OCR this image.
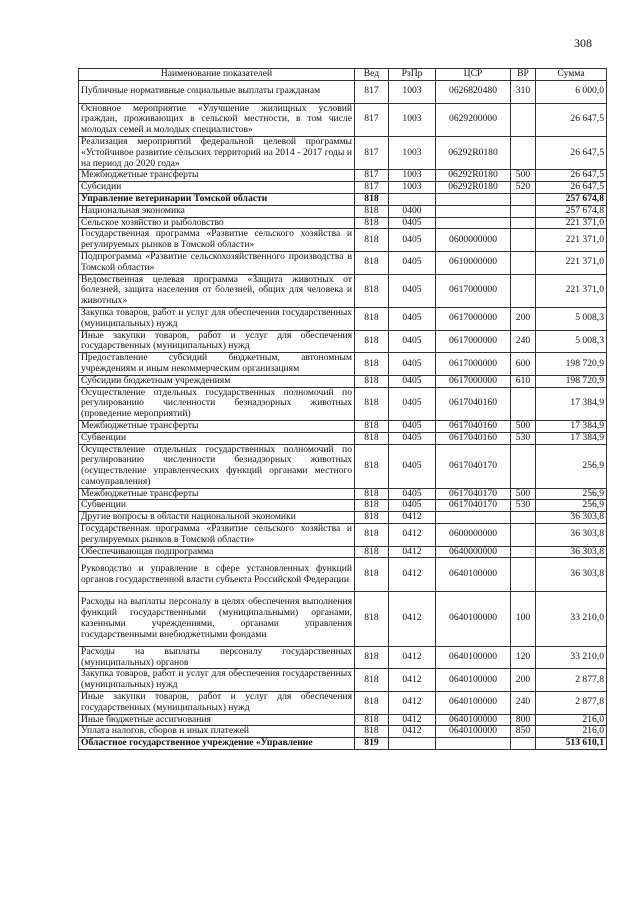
308
Наименование показателей	Вед	РзПр	ЦСР	ВР	Сумма
Публичные нормативные социальные выплаты гражданам	817	1003	0626820480	310	6 000,0
Основное мероприятие «Улучшение жилищных условий граждан, проживающих в сельской местности, в том числе молодых семей и молодых специалистов»	817	1003	0629200000		26 647,5
Реализация мероприятий федеральной целевой программы «Устойчивое развитие сельских территорий на 2014 - 2017 годы и на период до 2020 года»	817	1003	06292R0180		26 647,5
Межбюджетные трансферты	817	1003	06292R0180	500	26 647,5
Субсидии	817	1003	06292R0180	520	26 647,5
Управление ветеринарии Томской области	818				257 674,8
Национальная экономика	818	0400			257 674,8
Сельское хозяйство и рыболовство	818	0405			221 371,0
Государственная программа «Развитие сельского хозяйства и регулируемых рынков в Томской области»	818	0405	0600000000		221 371,0
Подпрограмма «Развитие сельскохозяйственного производства в Томской области»	818	0405	0610000000		221 371,0
Ведомственная целевая программа «Защита животных от болезней, защита населения от болезней, общих для человека и животных»	818	0405	0617000000		221 371,0
Закупка товаров, работ и услуг для обеспечения государственных (муниципальных) нужд	818	0405	0617000000	200	5 008,3
Иные закупки товаров, работ и услуг для обеспечения государственных (муниципальных) нужд	818	0405	0617000000	240	5 008,3
Предоставление субсидий бюджетным, автономным учреждениям и иным некоммерческим организациям	818	0405	0617000000	600	198 720,9
Субсидии бюджетным учреждениям	818	0405	0617000000	610	198 720,9
Осуществление отдельных государственных полномочий по регулированию численности безнадзорных животных (проведение мероприятий)	818	0405	0617040160		17 384,9
Межбюджетные трансферты	818	0405	0617040160	500	17 384,9
Субвенции	818	0405	0617040160	530	17 384,9
Осуществление отдельных государственных полномочий по регулированию численности безнадзорных животных (осуществление управленческих функций органами местного самоуправления)	818	0405	0617040170		256,9
Межбюджетные трансферты	818	0405	0617040170	500	256,9
Субвенции	818	0405	0617040170	530	256,9
Другие вопросы в области национальной экономики	818	0412			36 303,8
Государственная программа «Развитие сельского хозяйства и регулируемых рынков в Томской области»	818	0412	0600000000		36 303,8
Обеспечивающая подпрограмма	818	0412	0640000000		36 303,8
Руководство и управление в сфере установленных функций органов государственной власти субъекта Российской Федерации	818	0412	0640100000		36 303,8
Расходы на выплаты персоналу в целях обеспечения выполнения функций государственными (муниципальными) органами, казенными учреждениями, органами управления государственными внебюджетными фондами	818	0412	0640100000	100	33 210,0
Расходы на выплаты персоналу государственных (муниципальных) органов	818	0412	0640100000	120	33 210,0
Закупка товаров, работ и услуг для обеспечения государственных (муниципальных) нужд	818	0412	0640100000	200	2 877,8
Иные закупки товаров, работ и услуг для обеспечения государственных (муниципальных) нужд	818	0412	0640100000	240	2 877,8
Иные бюджетные ассигнования	818	0412	0640100000	800	216,0
Уплата налогов, сборов и иных платежей	818	0412	0640100000	850	216,0
Областное государственное учреждение «Управление	819				513 610,1
